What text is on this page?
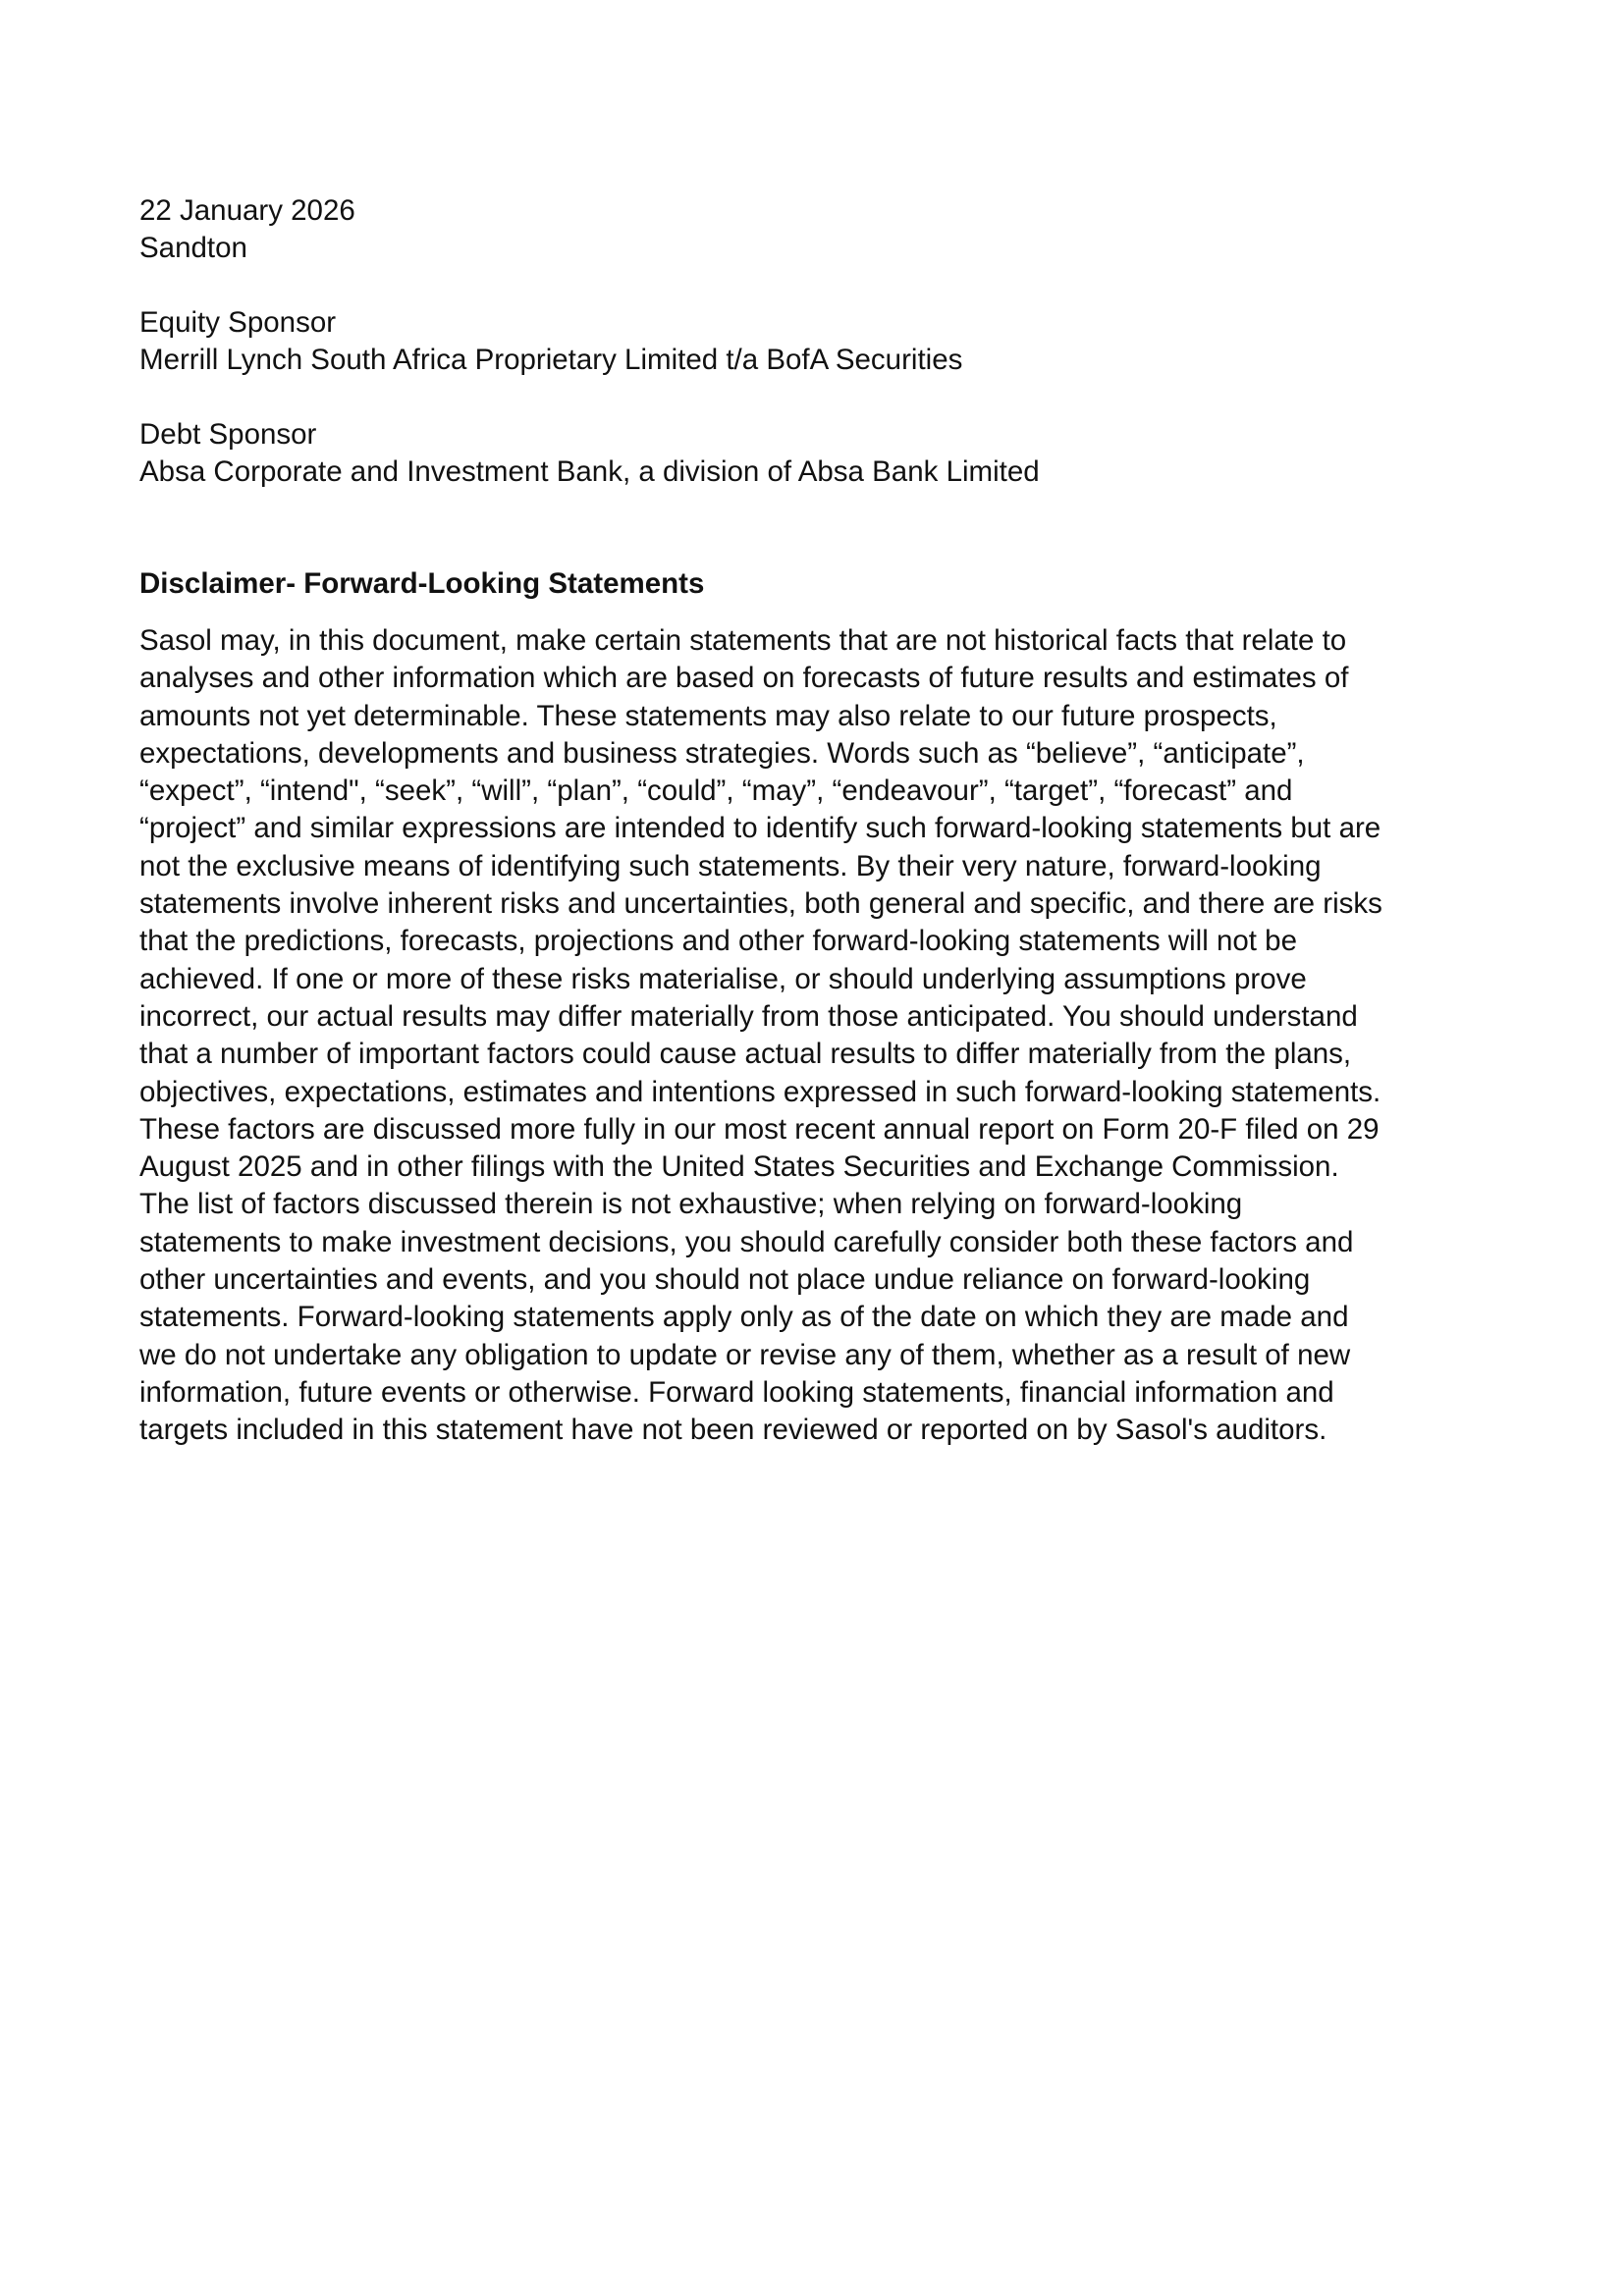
22 January 2026

Sandton

Equity Sponsor

Merrill Lynch South Africa Proprietary Limited t/a BofA Securities

Debt Sponsor

Absa Corporate and Investment Bank, a division of Absa Bank Limited

Disclaimer- Forward-Looking Statements
Sasol may, in this document, make certain statements that are not historical facts that relate to
analyses and other information which are based on forecasts of future results and estimates of
amounts not yet determinable. These statements may also relate to our future prospects,
expectations, developments and business strategies. Words such as “believe”, “anticipate”,
“expect”, “intend", “seek”, “will”, “plan”, “could”, “may”, “endeavour”, “target”, “forecast” and
“project” and similar expressions are intended to identify such forward-looking statements but are
not the exclusive means of identifying such statements. By their very nature, forward-looking
statements involve inherent risks and uncertainties, both general and specific, and there are risks
that the predictions, forecasts, projections and other forward-looking statements will not be
achieved. If one or more of these risks materialise, or should underlying assumptions prove
incorrect, our actual results may differ materially from those anticipated. You should understand
that a number of important factors could cause actual results to differ materially from the plans,
objectives, expectations, estimates and intentions expressed in such forward-looking statements.
These factors are discussed more fully in our most recent annual report on Form 20-F filed on 29
August 2025 and in other filings with the United States Securities and Exchange Commission.
The list of factors discussed therein is not exhaustive; when relying on forward-looking
statements to make investment decisions, you should carefully consider both these factors and
other uncertainties and events, and you should not place undue reliance on forward-looking
statements. Forward-looking statements apply only as of the date on which they are made and
we do not undertake any obligation to update or revise any of them, whether as a result of new
information, future events or otherwise. Forward looking statements, financial information and
targets included in this statement have not been reviewed or reported on by Sasol's auditors.
